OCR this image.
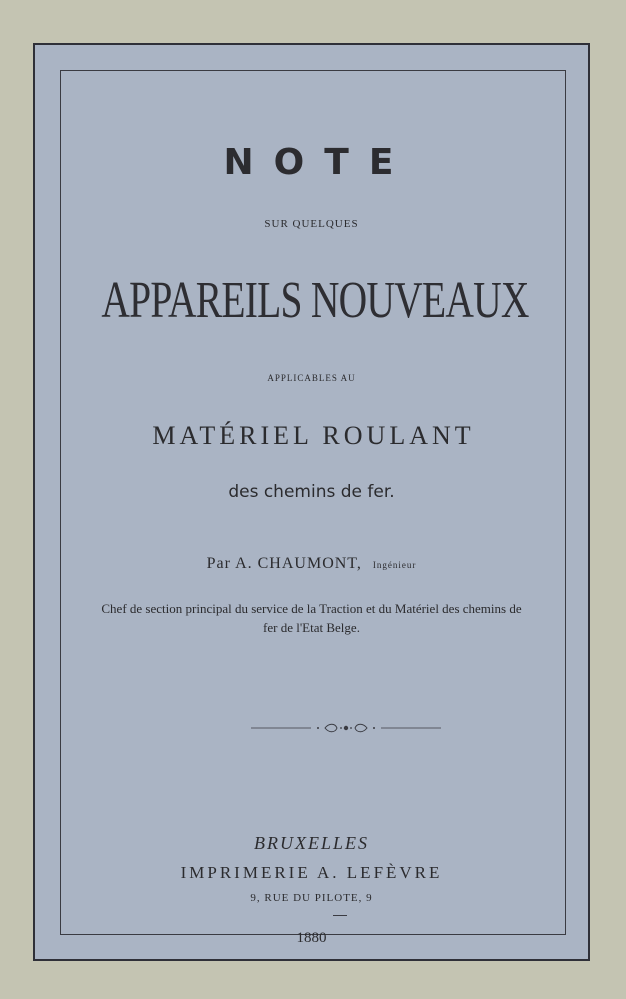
NOTE

SUR QUELQUES

APPAREILS NOUVEAUX

APPLICABLES AU

MATÉRIEL ROULANT

des chemins de fer.

Par A. CHAUMONT, Ingénieur

Chef de section principal du service de la Traction et du Matériel des chemins de fer de l'Etat Belge.

BRUXELLES

IMPRIMERIE A. LEFÈVRE

9, RUE DU PILOTE, 9

1880
